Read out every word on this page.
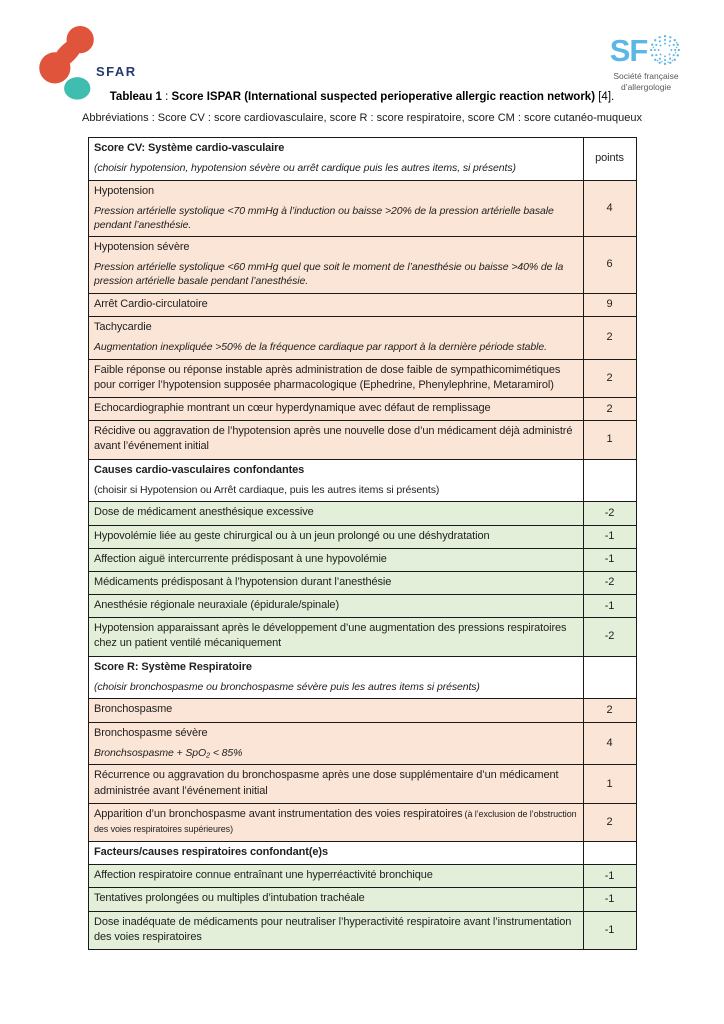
SFAR
SF
Société française
d’allergologie
Tableau 1 : Score ISPAR (International suspected perioperative allergic reaction network) [4].
Abbréviations : Score CV : score cardiovasculaire, score R : score respiratoire, score CM : score cutanéo-muqueux
Score CV: Système cardio-vasculaire
(choisir hypotension, hypotension sévère ou arrêt cardique puis les autres items, si présents)	points

Hypotension
Pression artérielle systolique <70 mmHg à l’induction ou baisse >20% de la pression artérielle basale pendant l’anesthésie.	4

Hypotension sévère
Pression artérielle systolique <60 mmHg quel que soit le moment de l’anesthésie ou baisse >40% de la pression artérielle basale pendant l’anesthésie.	6

Arrêt Cardio-circulatoire	9

Tachycardie
Augmentation inexpliquée >50% de la fréquence cardiaque par rapport à la dernière période stable.	2

Faible réponse ou réponse instable après administration de dose faible de sympathicomimétiques pour corriger l’hypotension supposée pharmacologique (Ephedrine, Phenylephrine, Metaramirol)	2

Echocardiographie montrant un cœur hyperdynamique avec défaut de remplissage	2

Récidive ou aggravation de l’hypotension après une nouvelle dose d’un médicament déjà administré avant l’événement initial	1

Causes cardio-vasculaires confondantes
(choisir si Hypotension ou Arrêt cardiaque, puis les autres items si présents)	

Dose de médicament anesthésique excessive	-2

Hypovolémie liée au geste chirurgical ou à un jeun prolongé ou une déshydratation	-1

Affection aiguë intercurrente prédisposant à une hypovolémie	-1

Médicaments prédisposant à l’hypotension durant l’anesthésie	-2

Anesthésie régionale neuraxiale (épidurale/spinale)	-1

Hypotension apparaissant après le développement d’une augmentation des pressions respiratoires chez un patient ventilé mécaniquement	-2

Score R: Système Respiratoire
(choisir bronchospasme ou bronchospasme sévère puis les autres items si présents)	

Bronchospasme	2

Bronchospasme sévère
Bronchsospasme + SpO₂ < 85%	4

Récurrence ou aggravation du bronchospasme après une dose supplémentaire d’un médicament administrée avant l’événement initial	1

Apparition d’un bronchospasme avant instrumentation des voies respiratoires (à l’exclusion de l’obstruction des voies respiratoires supérieures)	2

Facteurs/causes respiratoires confondant(e)s	

Affection respiratoire connue entraînant une hyperréactivité bronchique	-1

Tentatives prolongées ou multiples d’intubation trachéale	-1

Dose inadéquate de médicaments pour neutraliser l’hyperactivité respiratoire avant l’instrumentation des voies respiratoires	-1
